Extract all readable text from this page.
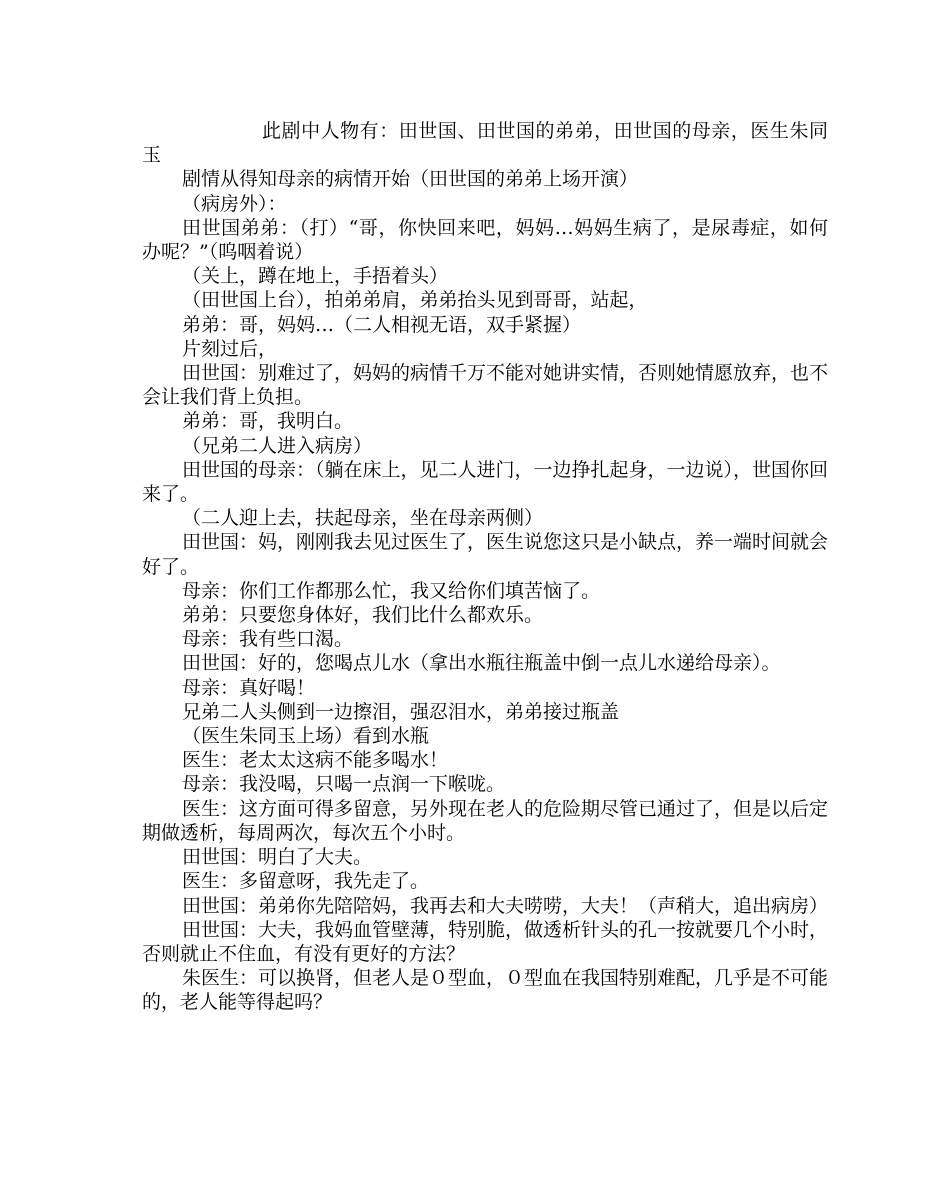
此剧中人物有：田世国、田世国的弟弟，田世国的母亲，医生朱同玉

剧情从得知母亲的病情开始（田世国的弟弟上场开演）

（病房外）：

田世国弟弟：（打）“哥，你快回来吧，妈妈…妈妈生病了，是尿毒症，如何办呢？”（呜咽着说）

（关上，蹲在地上，手捂着头）

（田世国上台），拍弟弟肩，弟弟抬头见到哥哥，站起，

弟弟：哥，妈妈…（二人相视无语，双手紧握）

片刻过后，

田世国：别难过了，妈妈的病情千万不能对她讲实情，否则她情愿放弃，也不会让我们背上负担。

弟弟：哥，我明白。

（兄弟二人进入病房）

田世国的母亲：（躺在床上，见二人进门，一边挣扎起身，一边说），世国你回来了。

（二人迎上去，扶起母亲，坐在母亲两侧）

田世国：妈，刚刚我去见过医生了，医生说您这只是小缺点，养一端时间就会好了。

母亲：你们工作都那么忙，我又给你们填苦恼了。

弟弟：只要您身体好，我们比什么都欢乐。

母亲：我有些口渴。

田世国：好的，您喝点儿水（拿出水瓶往瓶盖中倒一点儿水递给母亲）。

母亲：真好喝！

兄弟二人头侧到一边擦泪，强忍泪水，弟弟接过瓶盖

（医生朱同玉上场）看到水瓶

医生：老太太这病不能多喝水！

母亲：我没喝，只喝一点润一下喉咙。

医生：这方面可得多留意，另外现在老人的危险期尽管已通过了，但是以后定期做透析，每周两次，每次五个小时。

田世国：明白了大夫。

医生：多留意呀，我先走了。

田世国：弟弟你先陪陪妈，我再去和大夫唠唠，大夫！（声稍大，追出病房）

田世国：大夫，我妈血管壁薄，特别脆，做透析针头的孔一按就要几个小时，否则就止不住血，有没有更好的方法？

朱医生：可以换肾，但老人是０型血，０型血在我国特别难配，几乎是不可能的，老人能等得起吗？
